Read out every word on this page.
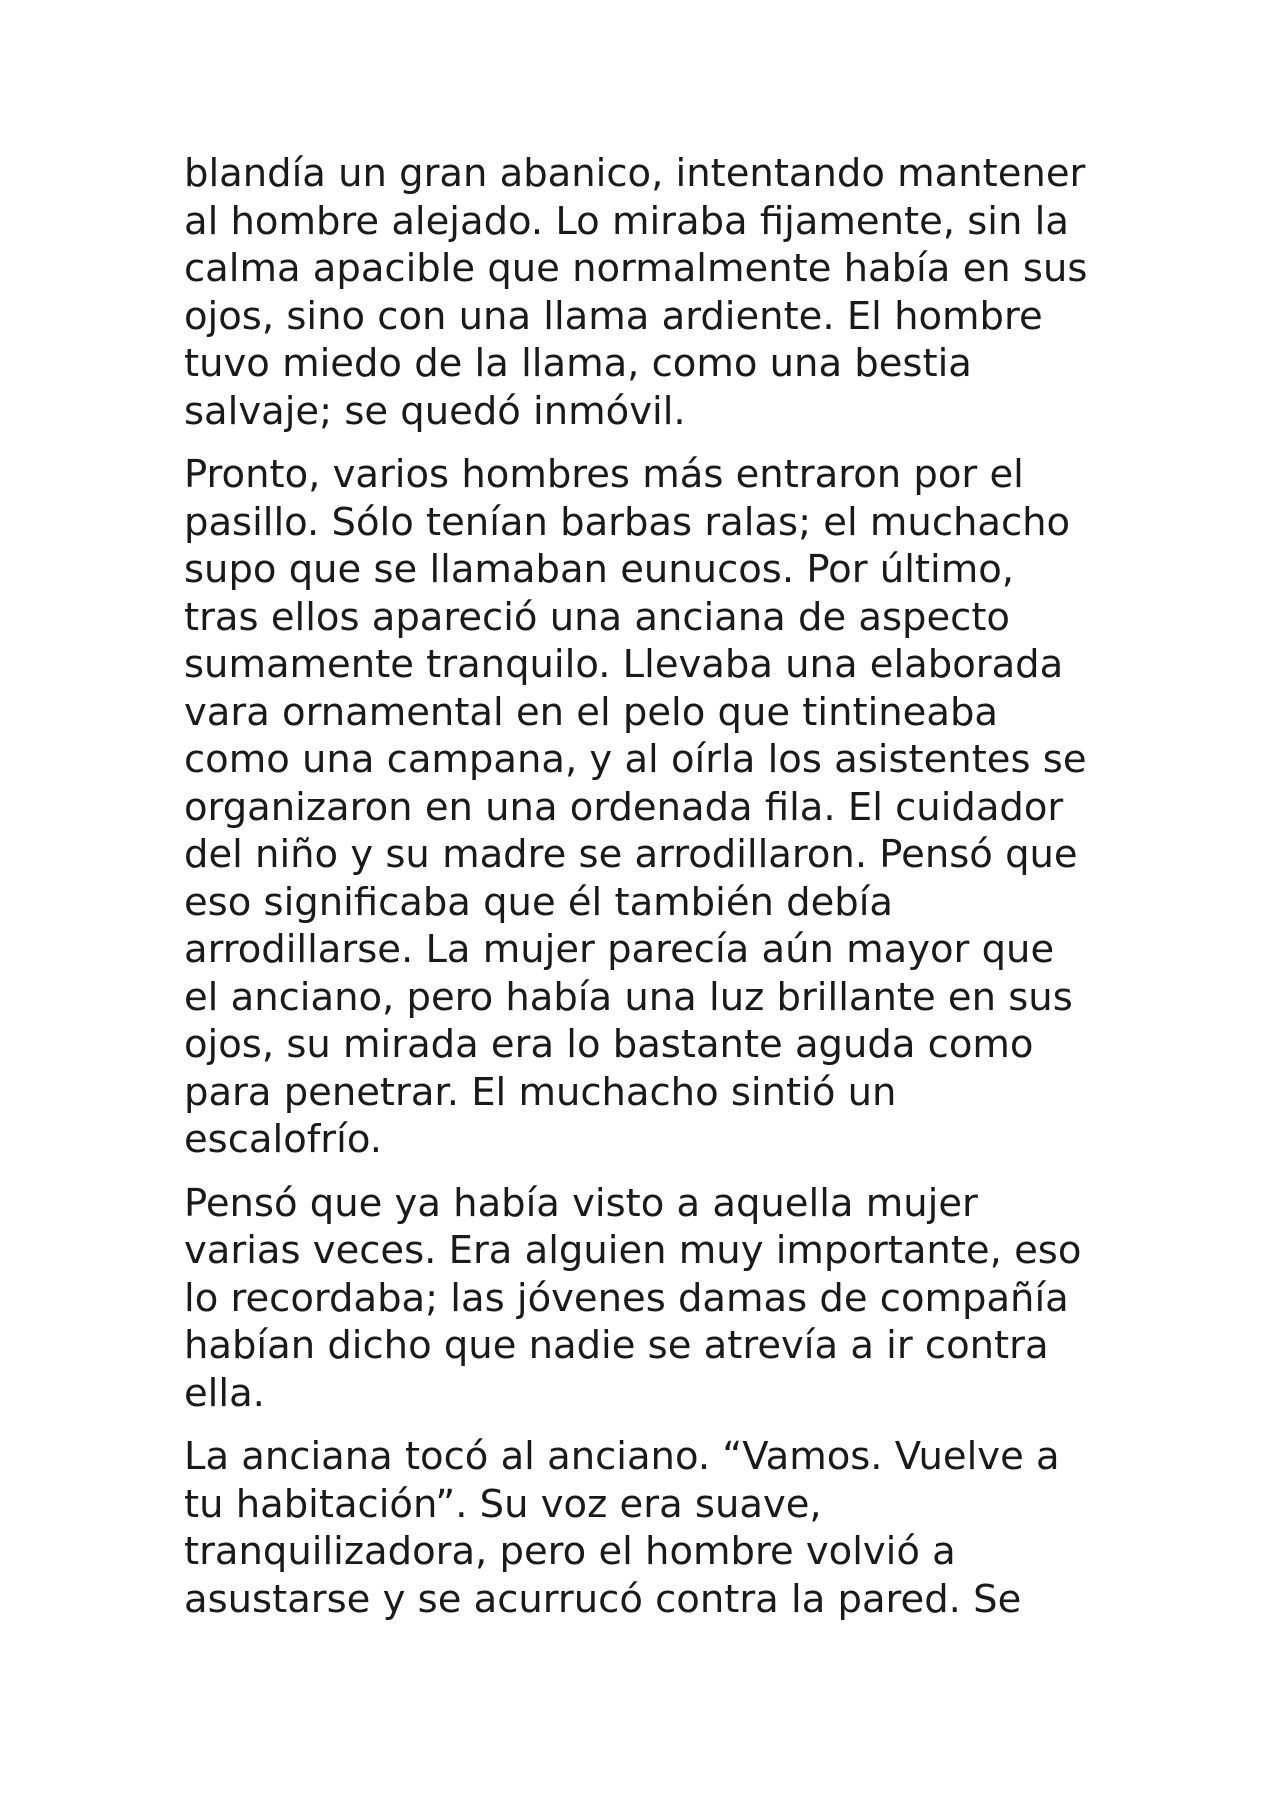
blandía un gran abanico, intentando mantener
al hombre alejado. Lo miraba fijamente, sin la
calma apacible que normalmente había en sus
ojos, sino con una llama ardiente. El hombre
tuvo miedo de la llama, como una bestia
salvaje; se quedó inmóvil.

Pronto, varios hombres más entraron por el
pasillo. Sólo tenían barbas ralas; el muchacho
supo que se llamaban eunucos. Por último,
tras ellos apareció una anciana de aspecto
sumamente tranquilo. Llevaba una elaborada
vara ornamental en el pelo que tintineaba
como una campana, y al oírla los asistentes se
organizaron en una ordenada fila. El cuidador
del niño y su madre se arrodillaron. Pensó que
eso significaba que él también debía
arrodillarse. La mujer parecía aún mayor que
el anciano, pero había una luz brillante en sus
ojos, su mirada era lo bastante aguda como
para penetrar. El muchacho sintió un
escalofrío.

Pensó que ya había visto a aquella mujer
varias veces. Era alguien muy importante, eso
lo recordaba; las jóvenes damas de compañía
habían dicho que nadie se atrevía a ir contra
ella.

La anciana tocó al anciano. “Vamos. Vuelve a
tu habitación”. Su voz era suave,
tranquilizadora, pero el hombre volvió a
asustarse y se acurrucó contra la pared. Se
